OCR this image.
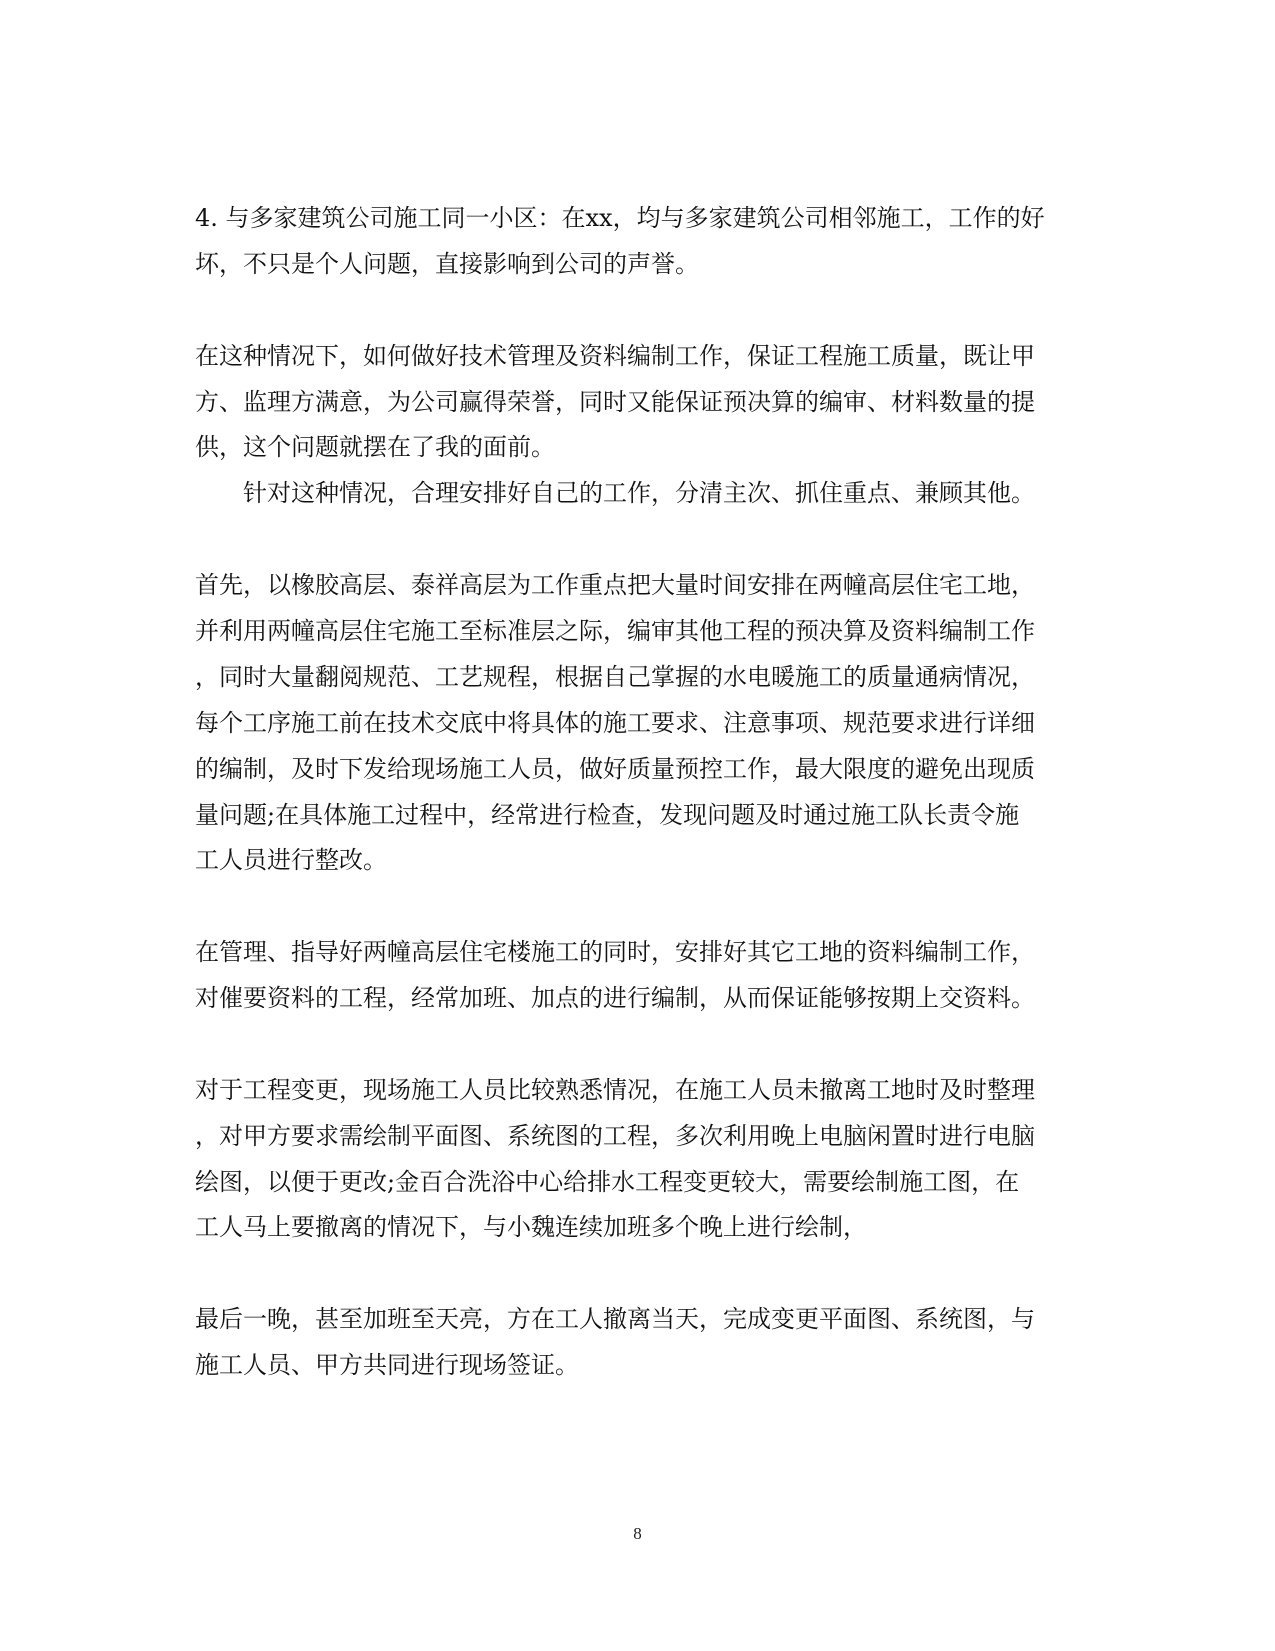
4. 与多家建筑公司施工同一小区：在xx，均与多家建筑公司相邻施工，工作的好
坏，不只是个人问题，直接影响到公司的声誉。
在这种情况下，如何做好技术管理及资料编制工作，保证工程施工质量，既让甲
方、监理方满意，为公司赢得荣誉，同时又能保证预决算的编审、材料数量的提
供，这个问题就摆在了我的面前。
针对这种情况，合理安排好自己的工作，分清主次、抓住重点、兼顾其他。
首先，以橡胶高层、泰祥高层为工作重点把大量时间安排在两幢高层住宅工地，
并利用两幢高层住宅施工至标准层之际，编审其他工程的预决算及资料编制工作
，同时大量翻阅规范、工艺规程，根据自己掌握的水电暖施工的质量通病情况，
每个工序施工前在技术交底中将具体的施工要求、注意事项、规范要求进行详细
的编制，及时下发给现场施工人员，做好质量预控工作，最大限度的避免出现质
量问题;在具体施工过程中，经常进行检查，发现问题及时通过施工队长责令施
工人员进行整改。
在管理、指导好两幢高层住宅楼施工的同时，安排好其它工地的资料编制工作，
对催要资料的工程，经常加班、加点的进行编制，从而保证能够按期上交资料。
对于工程变更，现场施工人员比较熟悉情况，在施工人员未撤离工地时及时整理
，对甲方要求需绘制平面图、系统图的工程，多次利用晚上电脑闲置时进行电脑
绘图，以便于更改;金百合洗浴中心给排水工程变更较大，需要绘制施工图，在
工人马上要撤离的情况下，与小魏连续加班多个晚上进行绘制，
最后一晚，甚至加班至天亮，方在工人撤离当天，完成变更平面图、系统图，与
施工人员、甲方共同进行现场签证。
8
